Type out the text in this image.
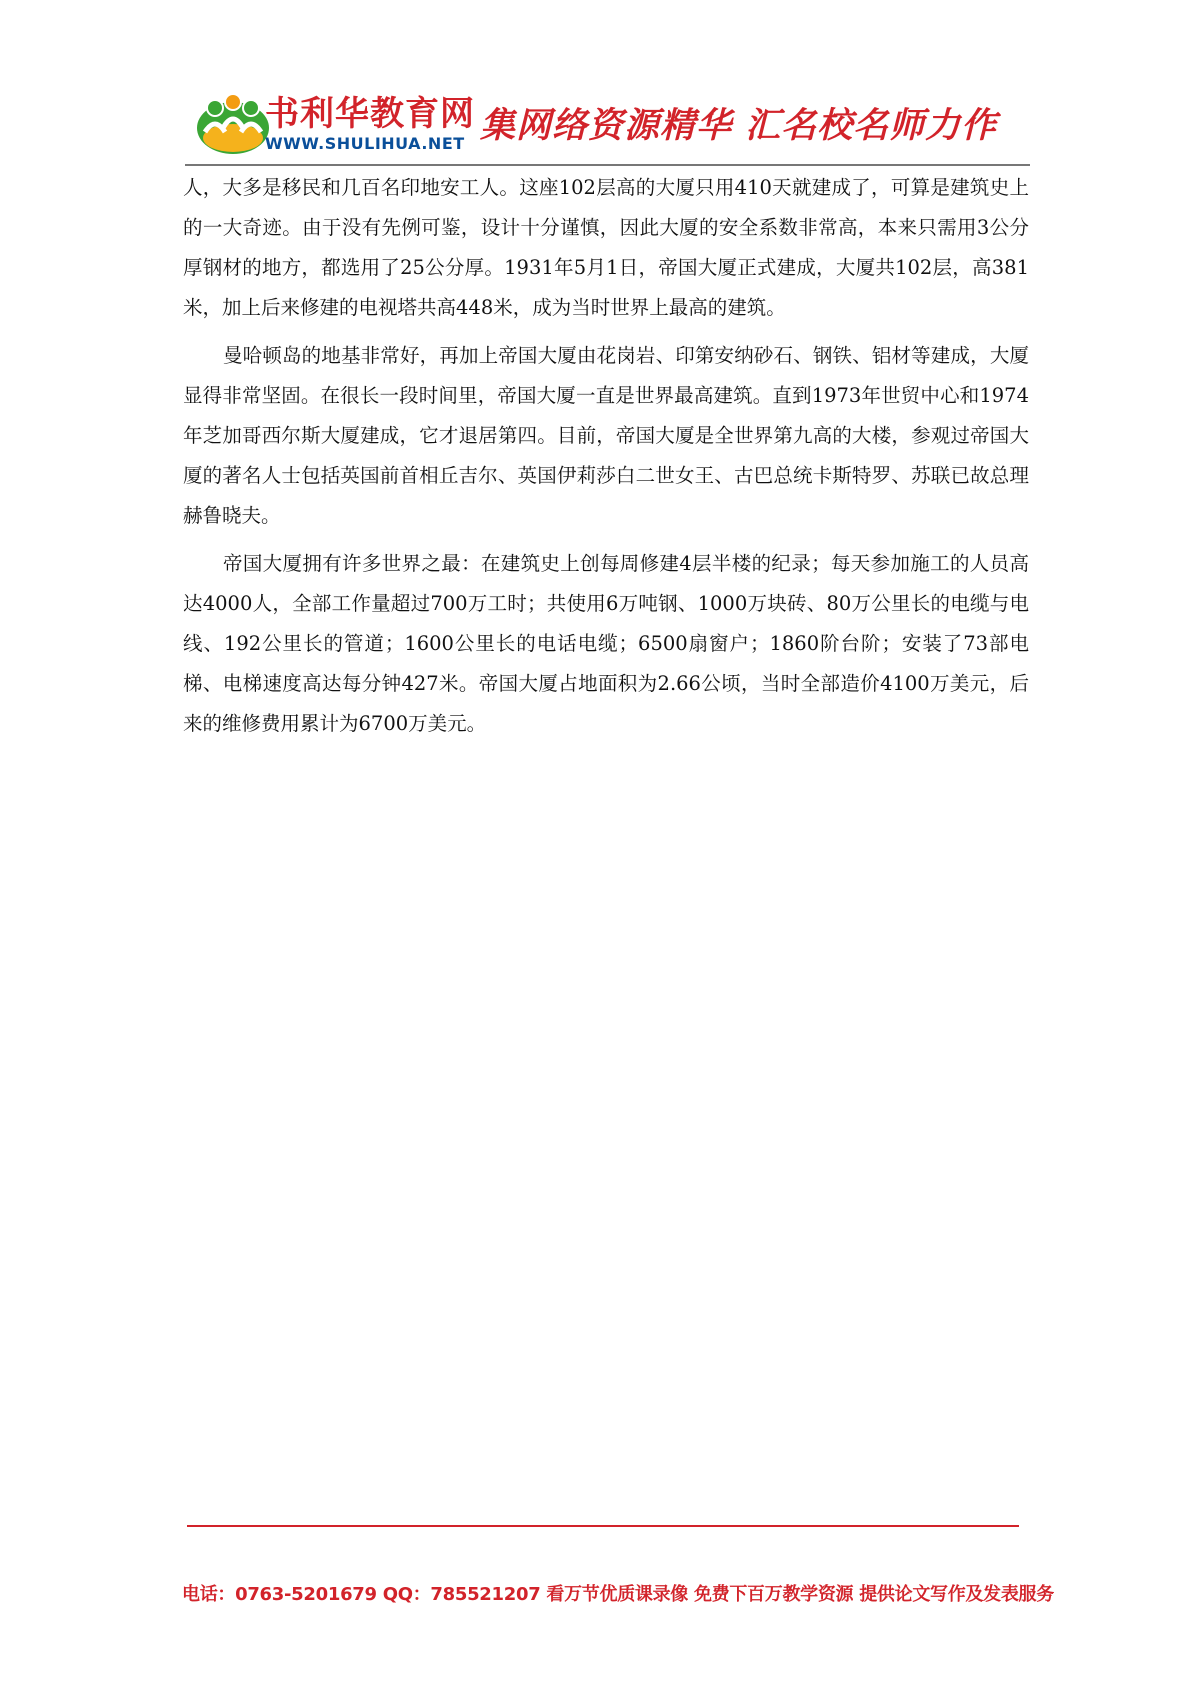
书利华教育网
WWW.SHULIHUA.NET 集网络资源精华 汇名校名师力作

人，大多是移民和几百名印地安工人。这座102层高的大厦只用410天就建成了，可算是建筑史上的一大奇迹。由于没有先例可鉴，设计十分谨慎，因此大厦的安全系数非常高，本来只需用3公分厚钢材的地方，都选用了25公分厚。1931年5月1日，帝国大厦正式建成，大厦共102层，高381米，加上后来修建的电视塔共高448米，成为当时世界上最高的建筑。

曼哈顿岛的地基非常好，再加上帝国大厦由花岗岩、印第安纳砂石、钢铁、铝材等建成，大厦显得非常坚固。在很长一段时间里，帝国大厦一直是世界最高建筑。直到1973年世贸中心和1974年芝加哥西尔斯大厦建成，它才退居第四。目前，帝国大厦是全世界第九高的大楼，参观过帝国大厦的著名人士包括英国前首相丘吉尔、英国伊莉莎白二世女王、古巴总统卡斯特罗、苏联已故总理赫鲁晓夫。

帝国大厦拥有许多世界之最：在建筑史上创每周修建4层半楼的纪录；每天参加施工的人员高达4000人，全部工作量超过700万工时；共使用6万吨钢、1000万块砖、80万公里长的电缆与电线、192公里长的管道；1600公里长的电话电缆；6500扇窗户；1860阶台阶；安装了73部电梯、电梯速度高达每分钟427米。帝国大厦占地面积为2.66公顷，当时全部造价4100万美元，后来的维修费用累计为6700万美元。

电话：0763-5201679 QQ：785521207 看万节优质课录像 免费下百万教学资源 提供论文写作及发表服务
